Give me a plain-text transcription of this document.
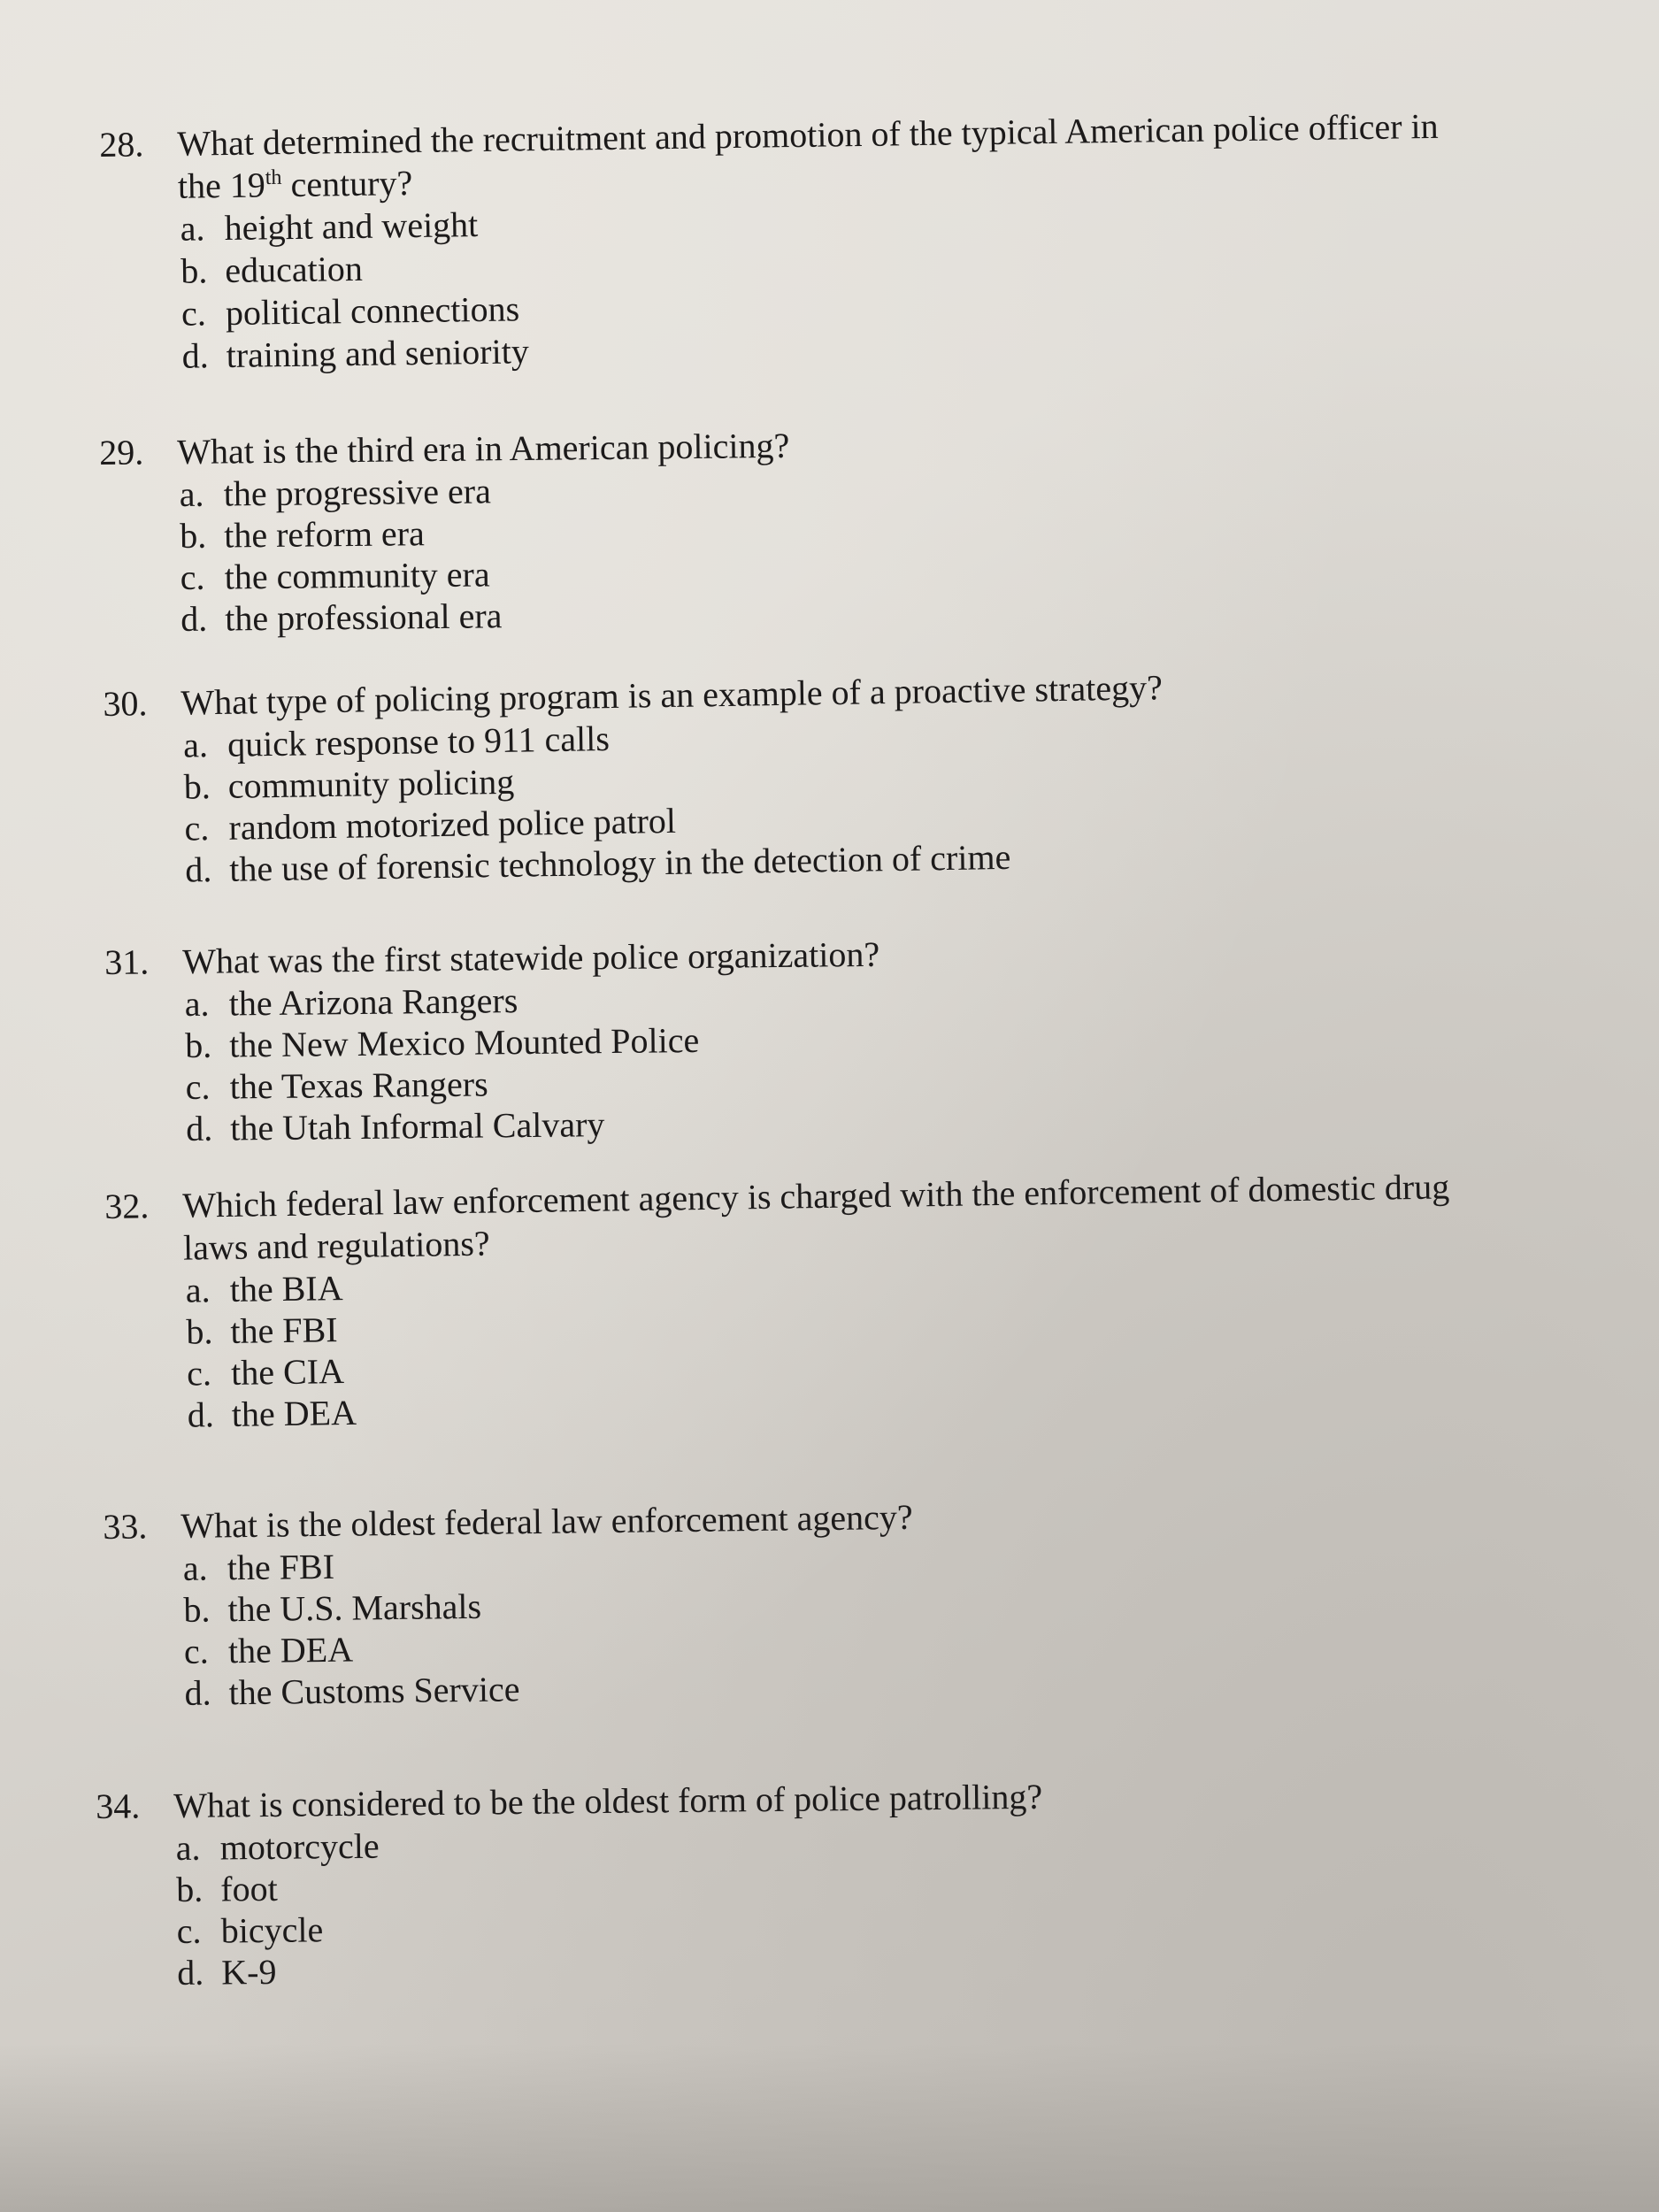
28. What determined the recruitment and promotion of the typical American police officer in the 19th century?
a. height and weight
b. education
c. political connections
d. training and seniority
29. What is the third era in American policing?
a. the progressive era
b. the reform era
c. the community era
d. the professional era
30. What type of policing program is an example of a proactive strategy?
a. quick response to 911 calls
b. community policing
c. random motorized police patrol
d. the use of forensic technology in the detection of crime
31. What was the first statewide police organization?
a. the Arizona Rangers
b. the New Mexico Mounted Police
c. the Texas Rangers
d. the Utah Informal Calvary
32. Which federal law enforcement agency is charged with the enforcement of domestic drug laws and regulations?
a. the BIA
b. the FBI
c. the CIA
d. the DEA
33. What is the oldest federal law enforcement agency?
a. the FBI
b. the U.S. Marshals
c. the DEA
d. the Customs Service
34. What is considered to be the oldest form of police patrolling?
a. motorcycle
b. foot
c. bicycle
d. K-9
